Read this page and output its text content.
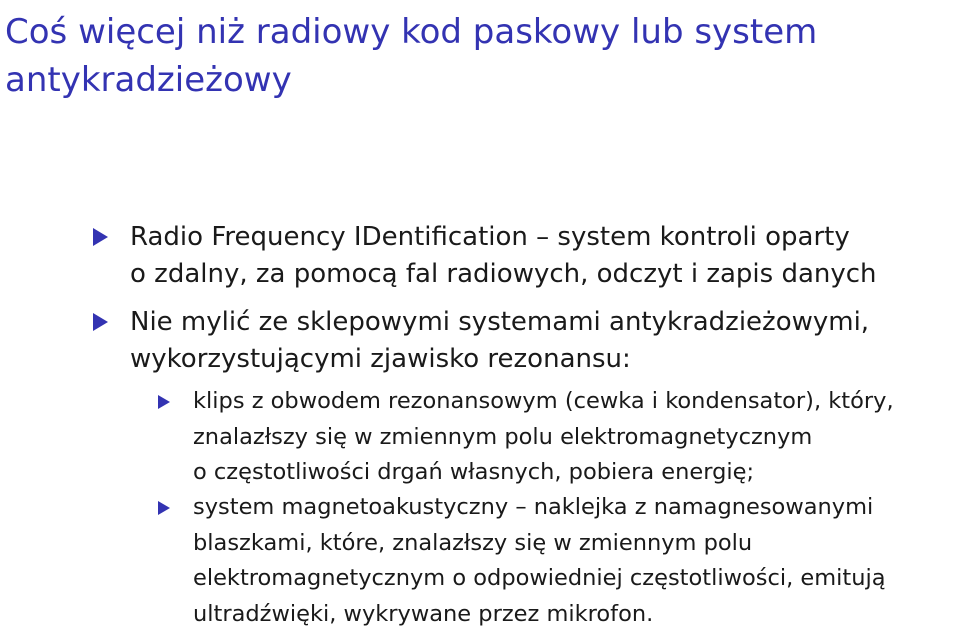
Coś więcej niż radiowy kod paskowy lub system antykradzieżowy
Radio Frequency IDentification – system kontroli oparty
o zdalny, za pomocą fal radiowych, odczyt i zapis danych
Nie mylić ze sklepowymi systemami antykradzieżowymi,
wykorzystującymi zjawisko rezonansu:
klips z obwodem rezonansowym (cewka i kondensator), który,
znalazłszy się w zmiennym polu elektromagnetycznym
o częstotliwości drgań własnych, pobiera energię;
system magnetoakustyczny – naklejka z namagnesowanymi
blaszkami, które, znalazłszy się w zmiennym polu
elektromagnetycznym o odpowiedniej częstotliwości, emitują
ultradźwięki, wykrywane przez mikrofon.
